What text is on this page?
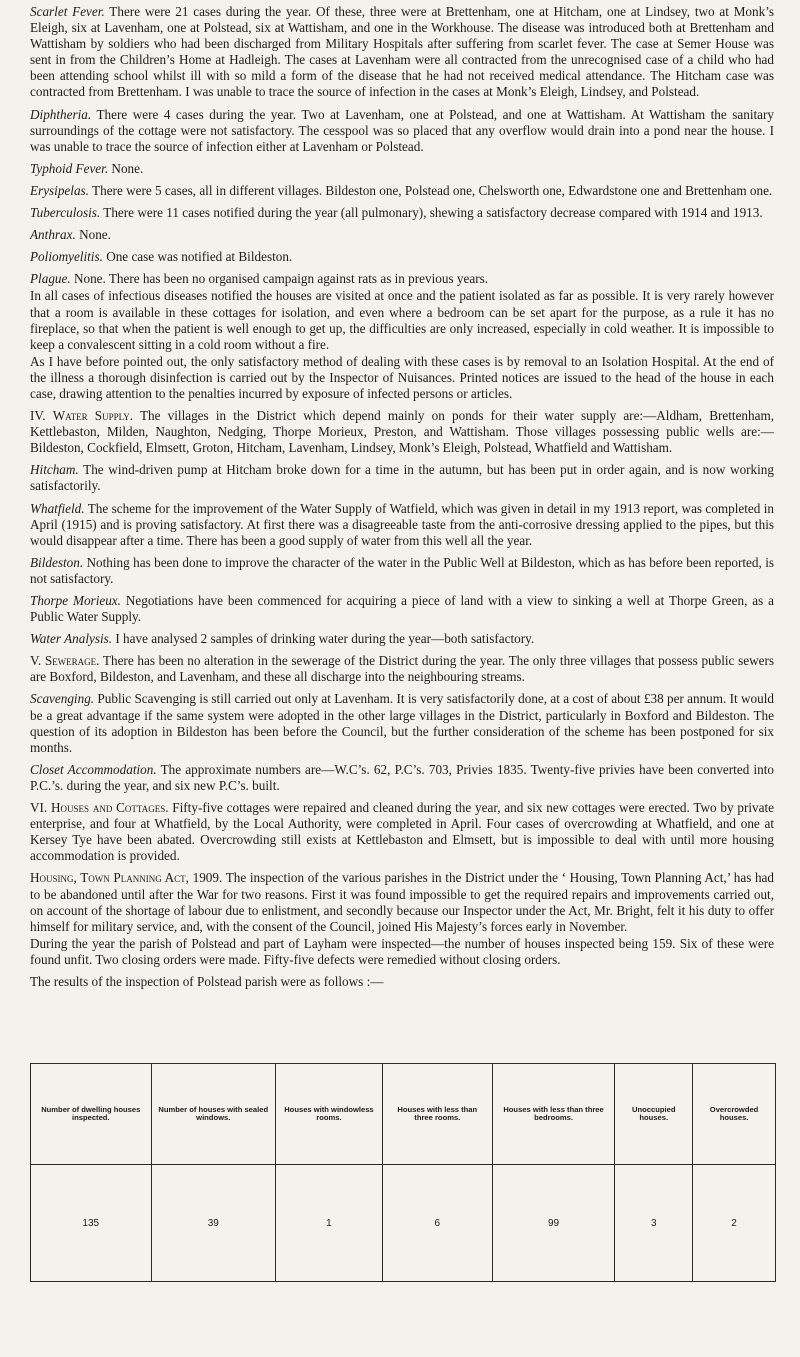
Scarlet Fever. There were 21 cases during the year. Of these, three were at Brettenham, one at Hitcham, one at Lindsey, two at Monk’s Eleigh, six at Lavenham, one at Polstead, six at Wattisham, and one in the Workhouse. The disease was introduced both at Brettenham and Wattisham by soldiers who had been discharged from Military Hospitals after suffering from scarlet fever. The case at Semer House was sent in from the Children’s Home at Hadleigh. The cases at Lavenham were all contracted from the unrecognised case of a child who had been attending school whilst ill with so mild a form of the disease that he had not received medical attendance. The Hitcham case was contracted from Brettenham. I was unable to trace the source of infection in the cases at Monk’s Eleigh, Lindsey, and Polstead.

Diphtheria. There were 4 cases during the year. Two at Lavenham, one at Polstead, and one at Wattisham. At Wattisham the sanitary surroundings of the cottage were not satisfactory. The cesspool was so placed that any overflow would drain into a pond near the house. I was unable to trace the source of infection either at Lavenham or Polstead.

Typhoid Fever. None.

Erysipelas. There were 5 cases, all in different villages. Bildeston one, Polstead one, Chelsworth one, Edwardstone one and Brettenham one.

Tuberculosis. There were 11 cases notified during the year (all pulmonary), shewing a satisfactory decrease compared with 1914 and 1913.

Anthrax. None.

Poliomyelitis. One case was notified at Bildeston.

Plague. None. There has been no organised campaign against rats as in previous years.

In all cases of infectious diseases notified the houses are visited at once and the patient isolated as far as possible. It is very rarely however that a room is available in these cottages for isolation, and even where a bedroom can be set apart for the purpose, as a rule it has no fireplace, so that when the patient is well enough to get up, the difficulties are only increased, especially in cold weather. It is impossible to keep a convalescent sitting in a cold room without a fire.

As I have before pointed out, the only satisfactory method of dealing with these cases is by removal to an Isolation Hospital. At the end of the illness a thorough disinfection is carried out by the Inspector of Nuisances. Printed notices are issued to the head of the house in each case, drawing attention to the penalties incurred by exposure of infected persons or articles.

IV. Water Supply. The villages in the District which depend mainly on ponds for their water supply are:—Aldham, Brettenham, Kettlebaston, Milden, Naughton, Nedging, Thorpe Morieux, Preston, and Wattisham. Those villages possessing public wells are:—Bildeston, Cockfield, Elmsett, Groton, Hitcham, Lavenham, Lindsey, Monk’s Eleigh, Polstead, Whatfield and Wattisham.

Hitcham. The wind-driven pump at Hitcham broke down for a time in the autumn, but has been put in order again, and is now working satisfactorily.

Whatfield. The scheme for the improvement of the Water Supply of Watfield, which was given in detail in my 1913 report, was completed in April (1915) and is proving satisfactory. At first there was a disagreeable taste from the anti-corrosive dressing applied to the pipes, but this would disappear after a time. There has been a good supply of water from this well all the year.

Bildeston. Nothing has been done to improve the character of the water in the Public Well at Bildeston, which as has before been reported, is not satisfactory.

Thorpe Morieux. Negotiations have been commenced for acquiring a piece of land with a view to sinking a well at Thorpe Green, as a Public Water Supply.

Water Analysis. I have analysed 2 samples of drinking water during the year—both satisfactory.

V. Sewerage. There has been no alteration in the sewerage of the District during the year. The only three villages that possess public sewers are Boxford, Bildeston, and Lavenham, and these all discharge into the neighbouring streams.

Scavenging. Public Scavenging is still carried out only at Lavenham. It is very satisfactorily done, at a cost of about £38 per annum. It would be a great advantage if the same system were adopted in the other large villages in the District, particularly in Boxford and Bildeston. The question of its adoption in Bildeston has been before the Council, but the further consideration of the scheme has been postponed for six months.

Closet Accommodation. The approximate numbers are—W.C’s. 62, P.C’s. 703, Privies 1835. Twenty-five privies have been converted into P.C.’s. during the year, and six new P.C’s. built.

VI. Houses and Cottages. Fifty-five cottages were repaired and cleaned during the year, and six new cottages were erected. Two by private enterprise, and four at Whatfield, by the Local Authority, were completed in April. Four cases of overcrowding at Whatfield, and one at Kersey Tye have been abated. Overcrowding still exists at Kettlebaston and Elmsett, but is impossible to deal with until more housing accommodation is provided.

Housing, Town Planning Act, 1909. The inspection of the various parishes in the District under the ‘ Housing, Town Planning Act,’ has had to be abandoned until after the War for two reasons. First it was found impossible to get the required repairs and improvements carried out, on account of the shortage of labour due to enlistment, and secondly because our Inspector under the Act, Mr. Bright, felt it his duty to offer himself for military service, and, with the consent of the Council, joined His Majesty’s forces early in November.

During the year the parish of Polstead and part of Layham were inspected—the number of houses inspected being 159. Six of these were found unfit. Two closing orders were made. Fifty-five defects were remedied without closing orders.

The results of the inspection of Polstead parish were as follows :—

Number of dwelling houses inspected.	Number of houses with sealed windows.	Houses with windowless rooms.	Houses with less than three rooms.	Houses with less than three bedrooms.	Unoccupied houses.	Overcrowded houses.
135	39	1	6	99	3	2
